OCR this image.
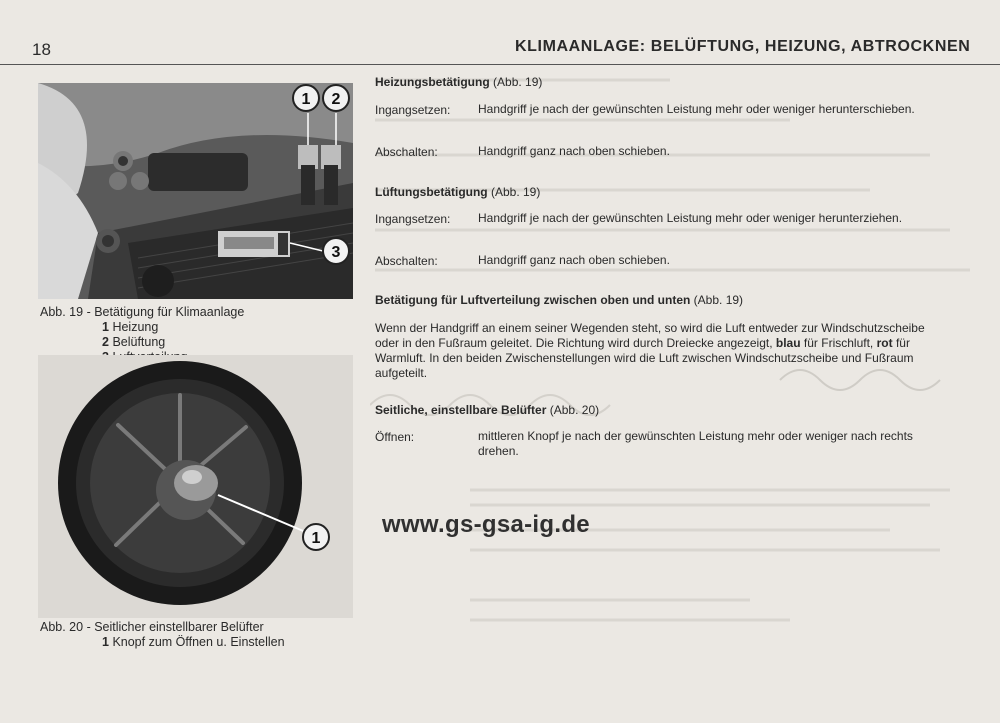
18	KLIMAANLAGE: BELÜFTUNG, HEIZUNG, ABTROCKNEN
1 2
3
Abb. 19 - Betätigung für Klimaanlage
1 Heizung
2 Belüftung
1
Abb. 20 - Seitlicher einstellbarer Belüfter
1 Knopf zum Öffnen u. Einstellen
Heizungsbetätigung (Abb. 19)
Ingangsetzen: Handgriff je nach der gewünschten Leistung mehr oder weniger herunterschieben.
Abschalten:	Handgriff ganz nach oben schieben.
Lüftungsbetätigung (Abb. 19)
Ingangsetzen: Handgriff je nach der gewünschten Leistung mehr oder weniger herunterziehen.
Abschalten:	Handgriff ganz nach oben schieben.
Betätigung für Luftverteilung zwischen oben und unten (Abb. 19)
Wenn der Handgriff an einem seiner Wegenden steht, so wird die Luft entweder zur Windschutzscheibe oder in den Fußraum geleitet. Die Richtung wird durch Dreiecke angezeigt, blau für Frischluft, rot für Warmluft. In den beiden Zwischenstellungen wird die Luft zwischen Windschutzscheibe und Fußraum aufgeteilt.
Seitliche, einstellbare Belüfter (Abb. 20)
Öffnen:	mittleren Knopf je nach der gewünschten Leistung mehr oder weniger nach rechts drehen.
www.gs-gsa-ig.de
